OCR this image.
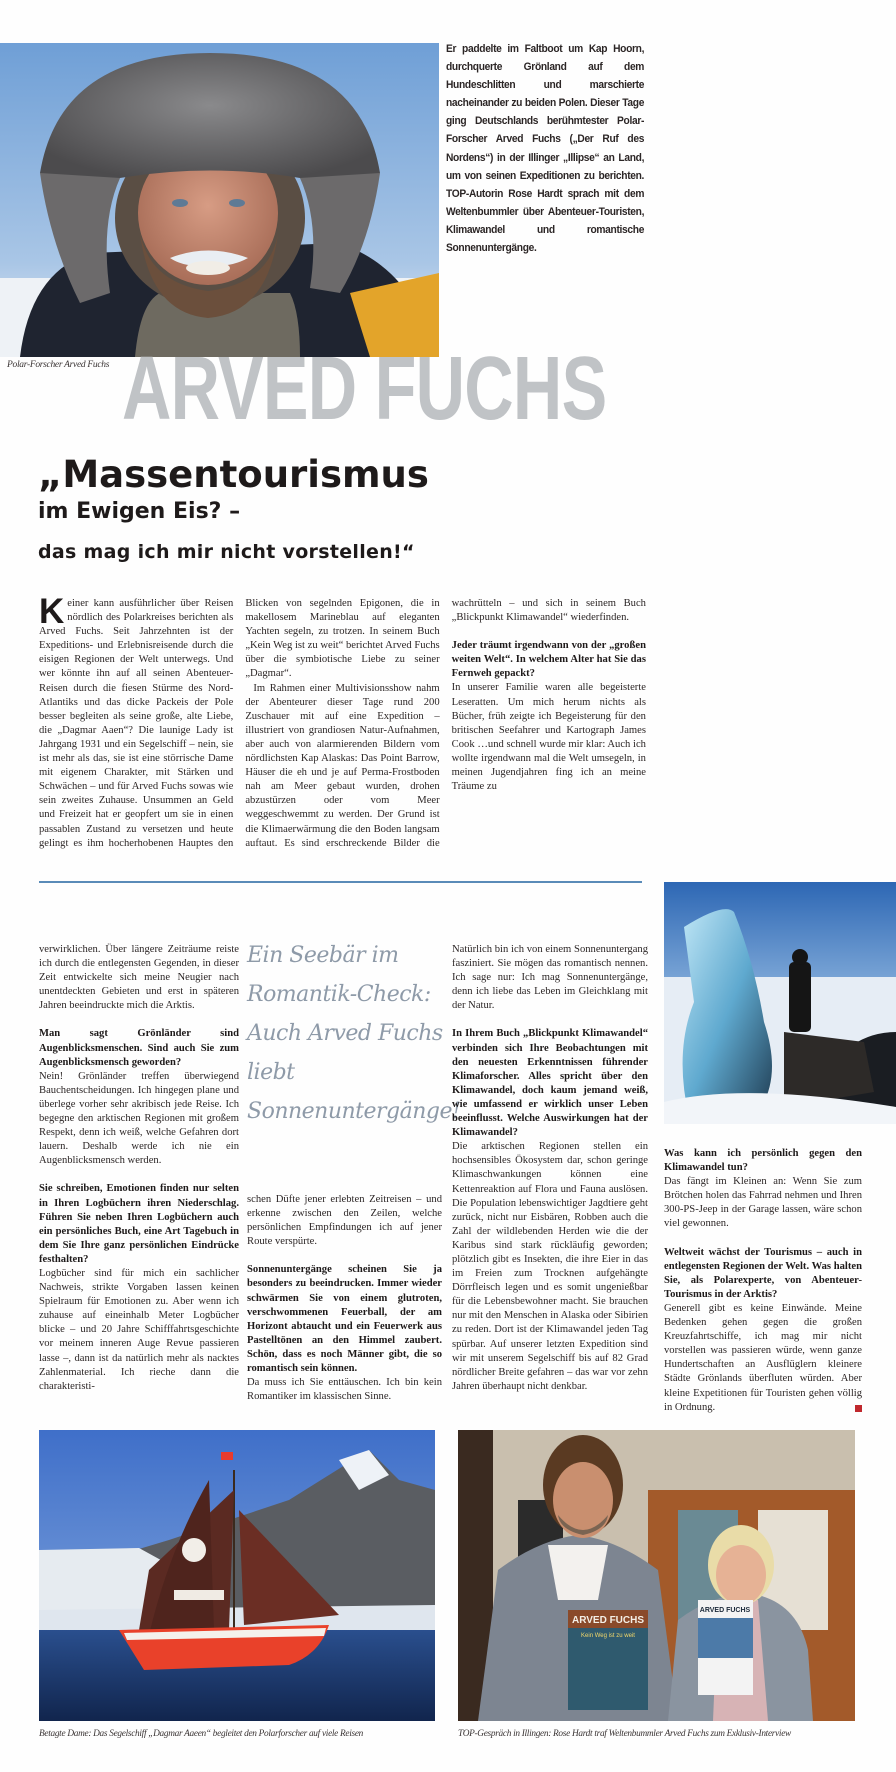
Er paddelte im Faltboot um Kap Hoorn, durchquerte Grönland auf dem Hundeschlitten und marschierte nacheinander zu beiden Polen. Dieser Tage ging Deutschlands berühmtester Polar-Forscher Arved Fuchs („Der Ruf des Nordens“) in der Illinger „Illipse“ an Land, um von seinen Expeditionen zu berichten. TOP-Autorin Rose Hardt sprach mit dem Weltenbummler über Abenteuer-Touristen, Klimawandel und romantische Sonnenuntergänge.
Polar-Forscher Arved Fuchs ARVED FUCHS
„Massentourismus
im Ewigen Eis? –
das mag ich mir nicht vorstellen!“

Keiner kann ausführlicher über Reisen nördlich des Polarkreises berichten als Arved Fuchs. Seit Jahrzehnten ist der Expeditions- und Erlebnisreisende durch die eisigen Regionen der Welt unterwegs. Und wer könnte ihn auf all seinen Abenteuer-Reisen durch die fiesen Stürme des Nord-Atlantiks und das dicke Packeis der Pole besser begleiten als seine große, alte Liebe, die „Dagmar Aaen“? Die launige Lady ist Jahrgang 1931 und ein Segelschiff – nein, sie ist mehr als das, sie ist eine störrische Dame mit eigenem Charakter, mit Stärken und Schwächen – und für Arved Fuchs sowas wie sein zweites Zuhause. Unsummen an Geld und Freizeit hat er geopfert um sie in einen passablen Zustand zu versetzen und heute gelingt es ihm hocherhobenen Hauptes den Blicken von segelnden Epigonen, die in makellosem Marineblau auf eleganten Yachten segeln, zu trotzen. In seinem Buch „Kein Weg ist zu weit“ berichtet Arved Fuchs über die symbiotische Liebe zu seiner „Dagmar“.

Im Rahmen einer Multivisionsshow nahm der Abenteurer dieser Tage rund 200 Zuschauer mit auf eine Expedition – illustriert von grandiosen Natur-Aufnahmen, aber auch von alarmierenden Bildern vom nördlichsten Kap Alaskas: Das Point Barrow, Häuser die eh und je auf Perma-Frostboden nah am Meer gebaut wurden, drohen abzustürzen oder vom Meer weggeschwemmt zu werden. Der Grund ist die Klimaerwärmung die den Boden langsam auftaut. Es sind erschreckende Bilder die wachrütteln – und sich in seinem Buch „Blickpunkt Klimawandel“ wiederfinden.

Jeder träumt irgendwann von der „großen weiten Welt“. In welchem Alter hat Sie das Fernweh gepackt?

In unserer Familie waren alle begeisterte Leseratten. Um mich herum nichts als Bücher, früh zeigte ich Begeisterung für den britischen Seefahrer und Kartograph James Cook …und schnell wurde mir klar: Auch ich wollte irgendwann mal die Welt umsegeln, in meinen Jugendjahren fing ich an meine Träume zu

verwirklichen. Über längere Zeiträume reiste ich durch die entlegensten Gegenden, in dieser Zeit entwickelte sich meine Neugier nach unentdeckten Gebieten und erst in späteren Jahren beeindruckte mich die Arktis.

Man sagt Grönländer sind Augenblicksmenschen. Sind auch Sie zum Augenblicksmensch geworden?

Nein! Grönländer treffen überwiegend Bauchentscheidungen. Ich hingegen plane und überlege vorher sehr akribisch jede Reise. Ich begegne den arktischen Regionen mit großem Respekt, denn ich weiß, welche Gefahren dort lauern. Deshalb werde ich nie ein Augenblicksmensch werden.

Sie schreiben, Emotionen finden nur selten in Ihren Logbüchern ihren Niederschlag. Führen Sie neben Ihren Logbüchern auch ein persönliches Buch, eine Art Tagebuch in dem Sie Ihre ganz persönlichen Eindrücke festhalten?

Logbücher sind für mich ein sachlicher Nachweis, strikte Vorgaben lassen keinen Spielraum für Emotionen zu. Aber wenn ich zuhause auf eineinhalb Meter Logbücher blicke – und 20 Jahre Schifffahrtsgeschichte vor meinem inneren Auge Revue passieren lasse –, dann ist da natürlich mehr als nacktes Zahlenmaterial. Ich rieche dann die charakteristi-

Ein Seebär im Romantik-Check: Auch Arved Fuchs liebt Sonnenuntergänge!

schen Düfte jener erlebten Zeitreisen – und erkenne zwischen den Zeilen, welche persönlichen Empfindungen ich auf jener Route verspürte.

Sonnenuntergänge scheinen Sie ja besonders zu beeindrucken. Immer wieder schwärmen Sie von einem glutroten, verschwommenen Feuerball, der am Horizont abtaucht und ein Feuerwerk aus Pastelltönen an den Himmel zaubert. Schön, dass es noch Männer gibt, die so romantisch sein können.

Da muss ich Sie enttäuschen. Ich bin kein Romantiker im klassischen Sinne.

Natürlich bin ich von einem Sonnenuntergang fasziniert. Sie mögen das romantisch nennen. Ich sage nur: Ich mag Sonnenuntergänge, denn ich liebe das Leben im Gleichklang mit der Natur.

In Ihrem Buch „Blickpunkt Klimawandel“ verbinden sich Ihre Beobachtungen mit den neuesten Erkenntnissen führender Klimaforscher. Alles spricht über den Klimawandel, doch kaum jemand weiß, wie umfassend er wirklich unser Leben beeinflusst. Welche Auswirkungen hat der Klimawandel?

Die arktischen Regionen stellen ein hochsensibles Ökosystem dar, schon geringe Klimaschwankungen können eine Kettenreaktion auf Flora und Fauna auslösen. Die Population lebenswichtiger Jagdtiere geht zurück, nicht nur Eisbären, Robben auch die Zahl der wildlebenden Herden wie die der Karibus sind stark rückläufig geworden; plötzlich gibt es Insekten, die ihre Eier in das im Freien zum Trocknen aufgehängte Dörrfleisch legen und es somit ungenießbar für die Lebensbewohner macht. Sie brauchen nur mit den Menschen in Alaska oder Sibirien zu reden. Dort ist der Klimawandel jeden Tag spürbar. Auf unserer letzten Expedition sind wir mit unserem Segelschiff bis auf 82 Grad nördlicher Breite gefahren – das war vor zehn Jahren überhaupt nicht denkbar.

Was kann ich persönlich gegen den Klimawandel tun?

Das fängt im Kleinen an: Wenn Sie zum Brötchen holen das Fahrrad nehmen und Ihren 300-PS-Jeep in der Garage lassen, wäre schon viel gewonnen.

Weltweit wächst der Tourismus – auch in entlegensten Regionen der Welt. Was halten Sie, als Polarexperte, von Abenteuer-Tourismus in der Arktis?

Generell gibt es keine Einwände. Meine Bedenken gehen gegen die großen Kreuzfahrtschiffe, ich mag mir nicht vorstellen was passieren würde, wenn ganze Hundertschaften an Ausflüglern kleinere Städte Grönlands überfluten würden. Aber kleine Expetitionen für Touristen gehen völlig in Ordnung.

ARVED FUCHS
Kein Weg ist zu weit
ARVED FUCHS
Betagte Dame: Das Segelschiff „Dagmar Aaeen“ begleitet den Polarforscher auf viele Reisen	TOP-Gespräch in Illingen: Rose Hardt traf Weltenbummler Arved Fuchs zum Exklusiv-Interview
